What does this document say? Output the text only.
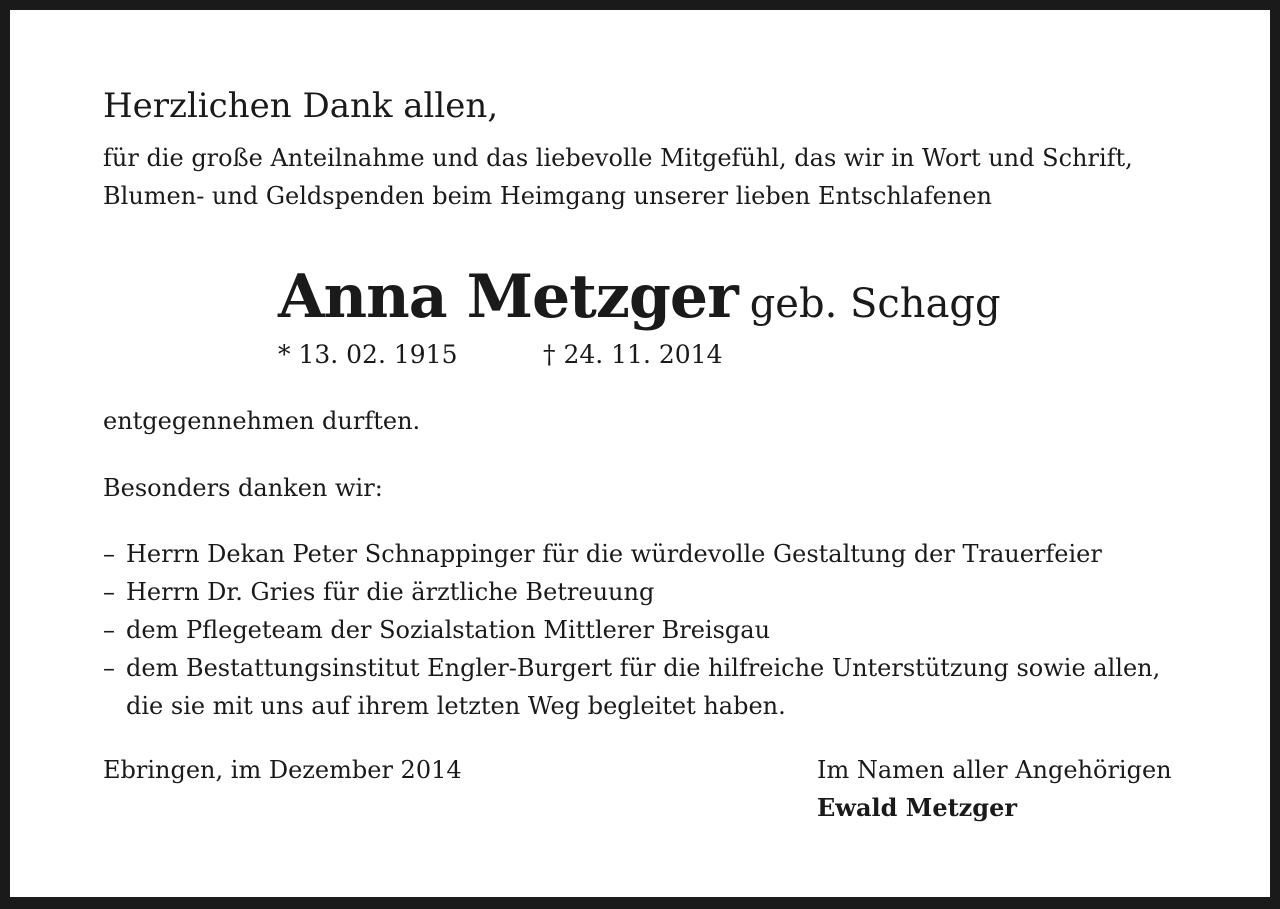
Herzlichen Dank allen,

für die große Anteilnahme und das liebevolle Mitgefühl, das wir in Wort und Schrift,

Blumen- und Geldspenden beim Heimgang unserer lieben Entschlafenen

Anna Metzger geb. Schagg
* 13. 02. 1915	† 24. 11. 2014

entgegennehmen durften.

Besonders danken wir:

– Herrn Dekan Peter Schnappinger für die würdevolle Gestaltung der Trauerfeier
– Herrn Dr. Gries für die ärztliche Betreuung
– dem Pflegeteam der Sozialstation Mittlerer Breisgau
– dem Bestattungsinstitut Engler-Burgert für die hilfreiche Unterstützung sowie allen,
die sie mit uns auf ihrem letzten Weg begleitet haben.

Ebringen, im Dezember 2014	Im Namen aller Angehörigen

Ewald Metzger
